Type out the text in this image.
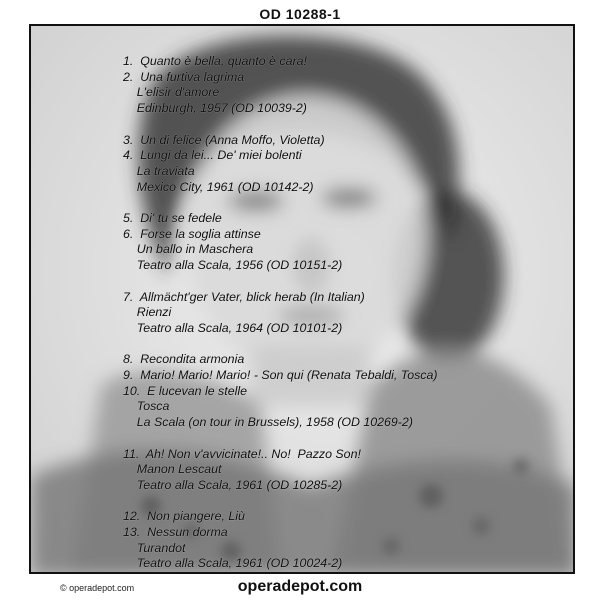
OD 10288-1
1.  Quanto è bella, quanto è cara!
2.  Una furtiva lagrima
L'elisir d'amore
Edinburgh, 1957 (OD 10039-2)
3.  Un di felice (Anna Moffo, Violetta)
4.  Lungi da lei... De' miei bolenti
La traviata
Mexico City, 1961 (OD 10142-2)
5.  Di' tu se fedele
6.  Forse la soglia attinse
Un ballo in Maschera
Teatro alla Scala, 1956 (OD 10151-2)
7.  Allmächt'ger Vater, blick herab (In Italian)
Rienzi
Teatro alla Scala, 1964 (OD 10101-2)
8.  Recondita armonia
9.  Mario! Mario! Mario! - Son qui (Renata Tebaldi, Tosca)
10.  E lucevan le stelle
Tosca
La Scala (on tour in Brussels), 1958 (OD 10269-2)
11.  Ah! Non v'avvicinate!.. No!  Pazzo Son!
Manon Lescaut
Teatro alla Scala, 1961 (OD 10285-2)
12.  Non piangere, Liù
13.  Nessun dorma
Turandot
Teatro alla Scala, 1961 (OD 10024-2)
© operadepot.com	operadepot.com
